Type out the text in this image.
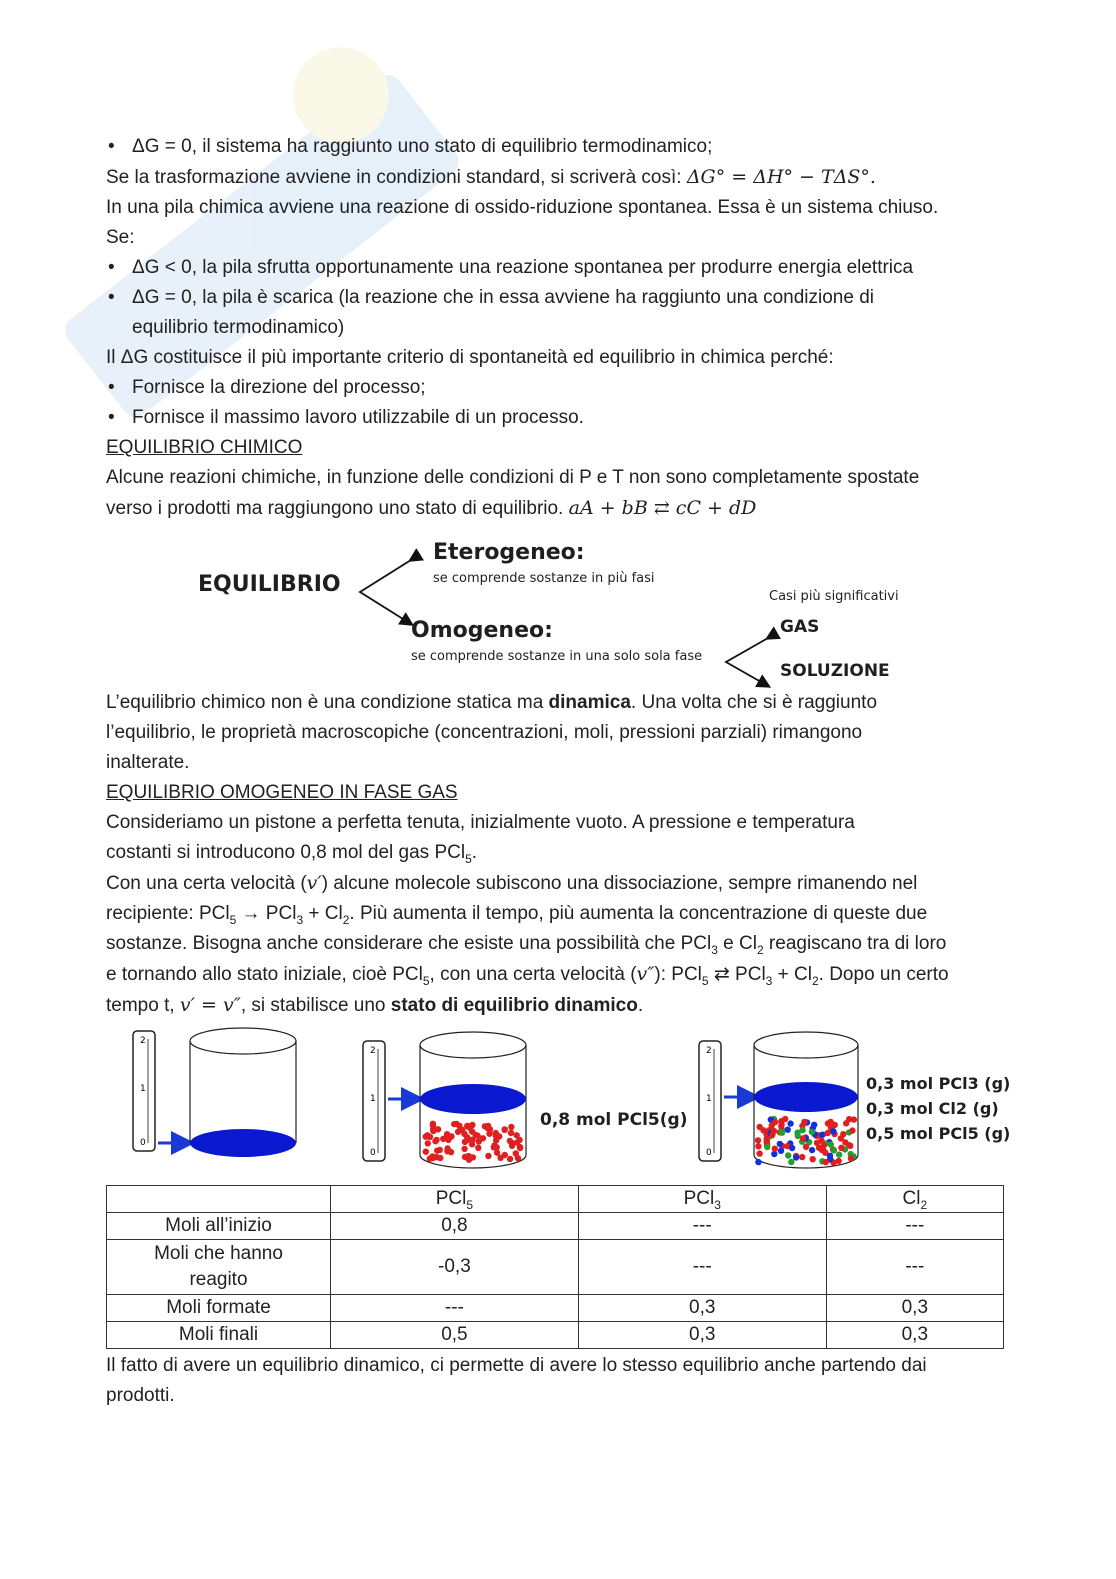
• ΔG = 0, il sistema ha raggiunto uno stato di equilibrio termodinamico;
Se la trasformazione avviene in condizioni standard, si scriverà così: ΔG° = ΔH° − TΔS°.
In una pila chimica avviene una reazione di ossido-riduzione spontanea. Essa è un sistema chiuso.
Se:
• ΔG < 0, la pila sfrutta opportunamente una reazione spontanea per produrre energia elettrica
• ΔG = 0, la pila è scarica (la reazione che in essa avviene ha raggiunto una condizione di
equilibrio termodinamico)
Il ΔG costituisce il più importante criterio di spontaneità ed equilibrio in chimica perché:
• Fornisce la direzione del processo;
• Fornisce il massimo lavoro utilizzabile di un processo.
EQUILIBRIO CHIMICO
Alcune reazioni chimiche, in funzione delle condizioni di P e T non sono completamente spostate
verso i prodotti ma raggiungono uno stato di equilibrio. aA + bB ⇄ cC + dD
EQUILIBRIO
Eterogeneo:
se comprende sostanze in più fasi
Omogeneo:
se comprende sostanze in una solo sola fase
Casi più significativi
GAS
SOLUZIONE
L’equilibrio chimico non è una condizione statica ma dinamica. Una volta che si è raggiunto
l’equilibrio, le proprietà macroscopiche (concentrazioni, moli, pressioni parziali) rimangono
inalterate.
EQUILIBRIO OMOGENEO IN FASE GAS
Consideriamo un pistone a perfetta tenuta, inizialmente vuoto. A pressione e temperatura
costanti si introducono 0,8 mol del gas PCl$_5$.
Con una certa velocità (v′) alcune molecole subiscono una dissociazione, sempre rimanendo nel
recipiente: $PCl_5 \to PCl_3 + Cl_2$. Più aumenta il tempo, più aumenta la concentrazione di queste due
sostanze. Bisogna anche considerare che esiste una possibilità che PCl$_3$ e $Cl_2$ reagiscano tra di loro
e tornando allo stato iniziale, cioè PCl$_5$, con una certa velocità (v″): PCl$_5$ ⇄ $PCl_3 + Cl_2$. Dopo un certo
tempo t, v′ = v″, si stabilisce uno stato di equilibrio dinamico.
2
1
0
2
1
0
0,8 mol PCl5(g)
2
1
0
0,3 mol PCl3 (g)
0,3 mol Cl2 (g)
0,5 mol PCl5 (g)
	PCl$_5$	PCl$_3$	$Cl_2$
Moli all’inizio	0,8	---	---

Moli che hanno
reagito	-0,3	---	---
Moli formate	---	0,3	0,3
Moli finali	0,5	0,3	0,3
Il fatto di avere un equilibrio dinamico, ci permette di avere lo stesso equilibrio anche partendo dai
prodotti.
